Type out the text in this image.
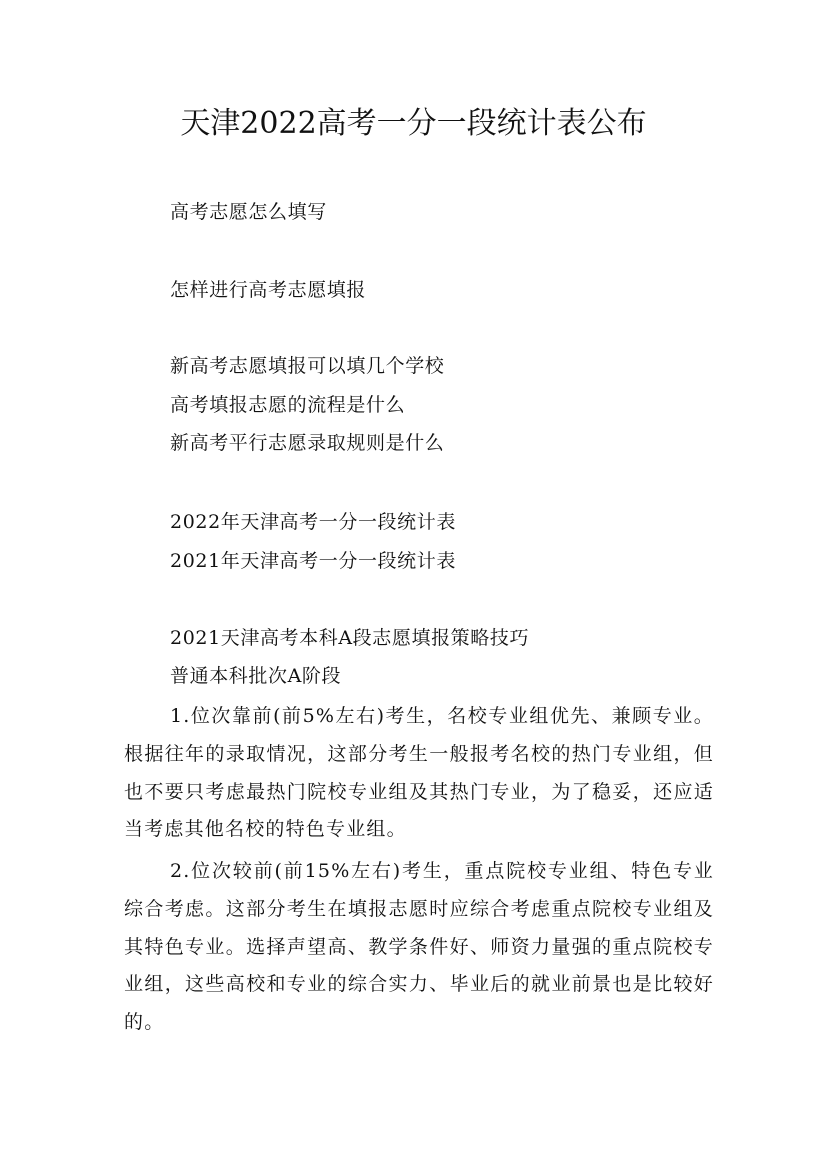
天津2022高考一分一段统计表公布

高考志愿怎么填写

怎样进行高考志愿填报

新高考志愿填报可以填几个学校

高考填报志愿的流程是什么

新高考平行志愿录取规则是什么

2022年天津高考一分一段统计表

2021年天津高考一分一段统计表

2021天津高考本科A段志愿填报策略技巧

普通本科批次A阶段

1.位次靠前(前5%左右)考生，名校专业组优先、兼顾专业。根据往年的录取情况，这部分考生一般报考名校的热门专业组，但也不要只考虑最热门院校专业组及其热门专业，为了稳妥，还应适当考虑其他名校的特色专业组。

2.位次较前(前15%左右)考生，重点院校专业组、特色专业综合考虑。这部分考生在填报志愿时应综合考虑重点院校专业组及其特色专业。选择声望高、教学条件好、师资力量强的重点院校专业组，这些高校和专业的综合实力、毕业后的就业前景也是比较好的。
